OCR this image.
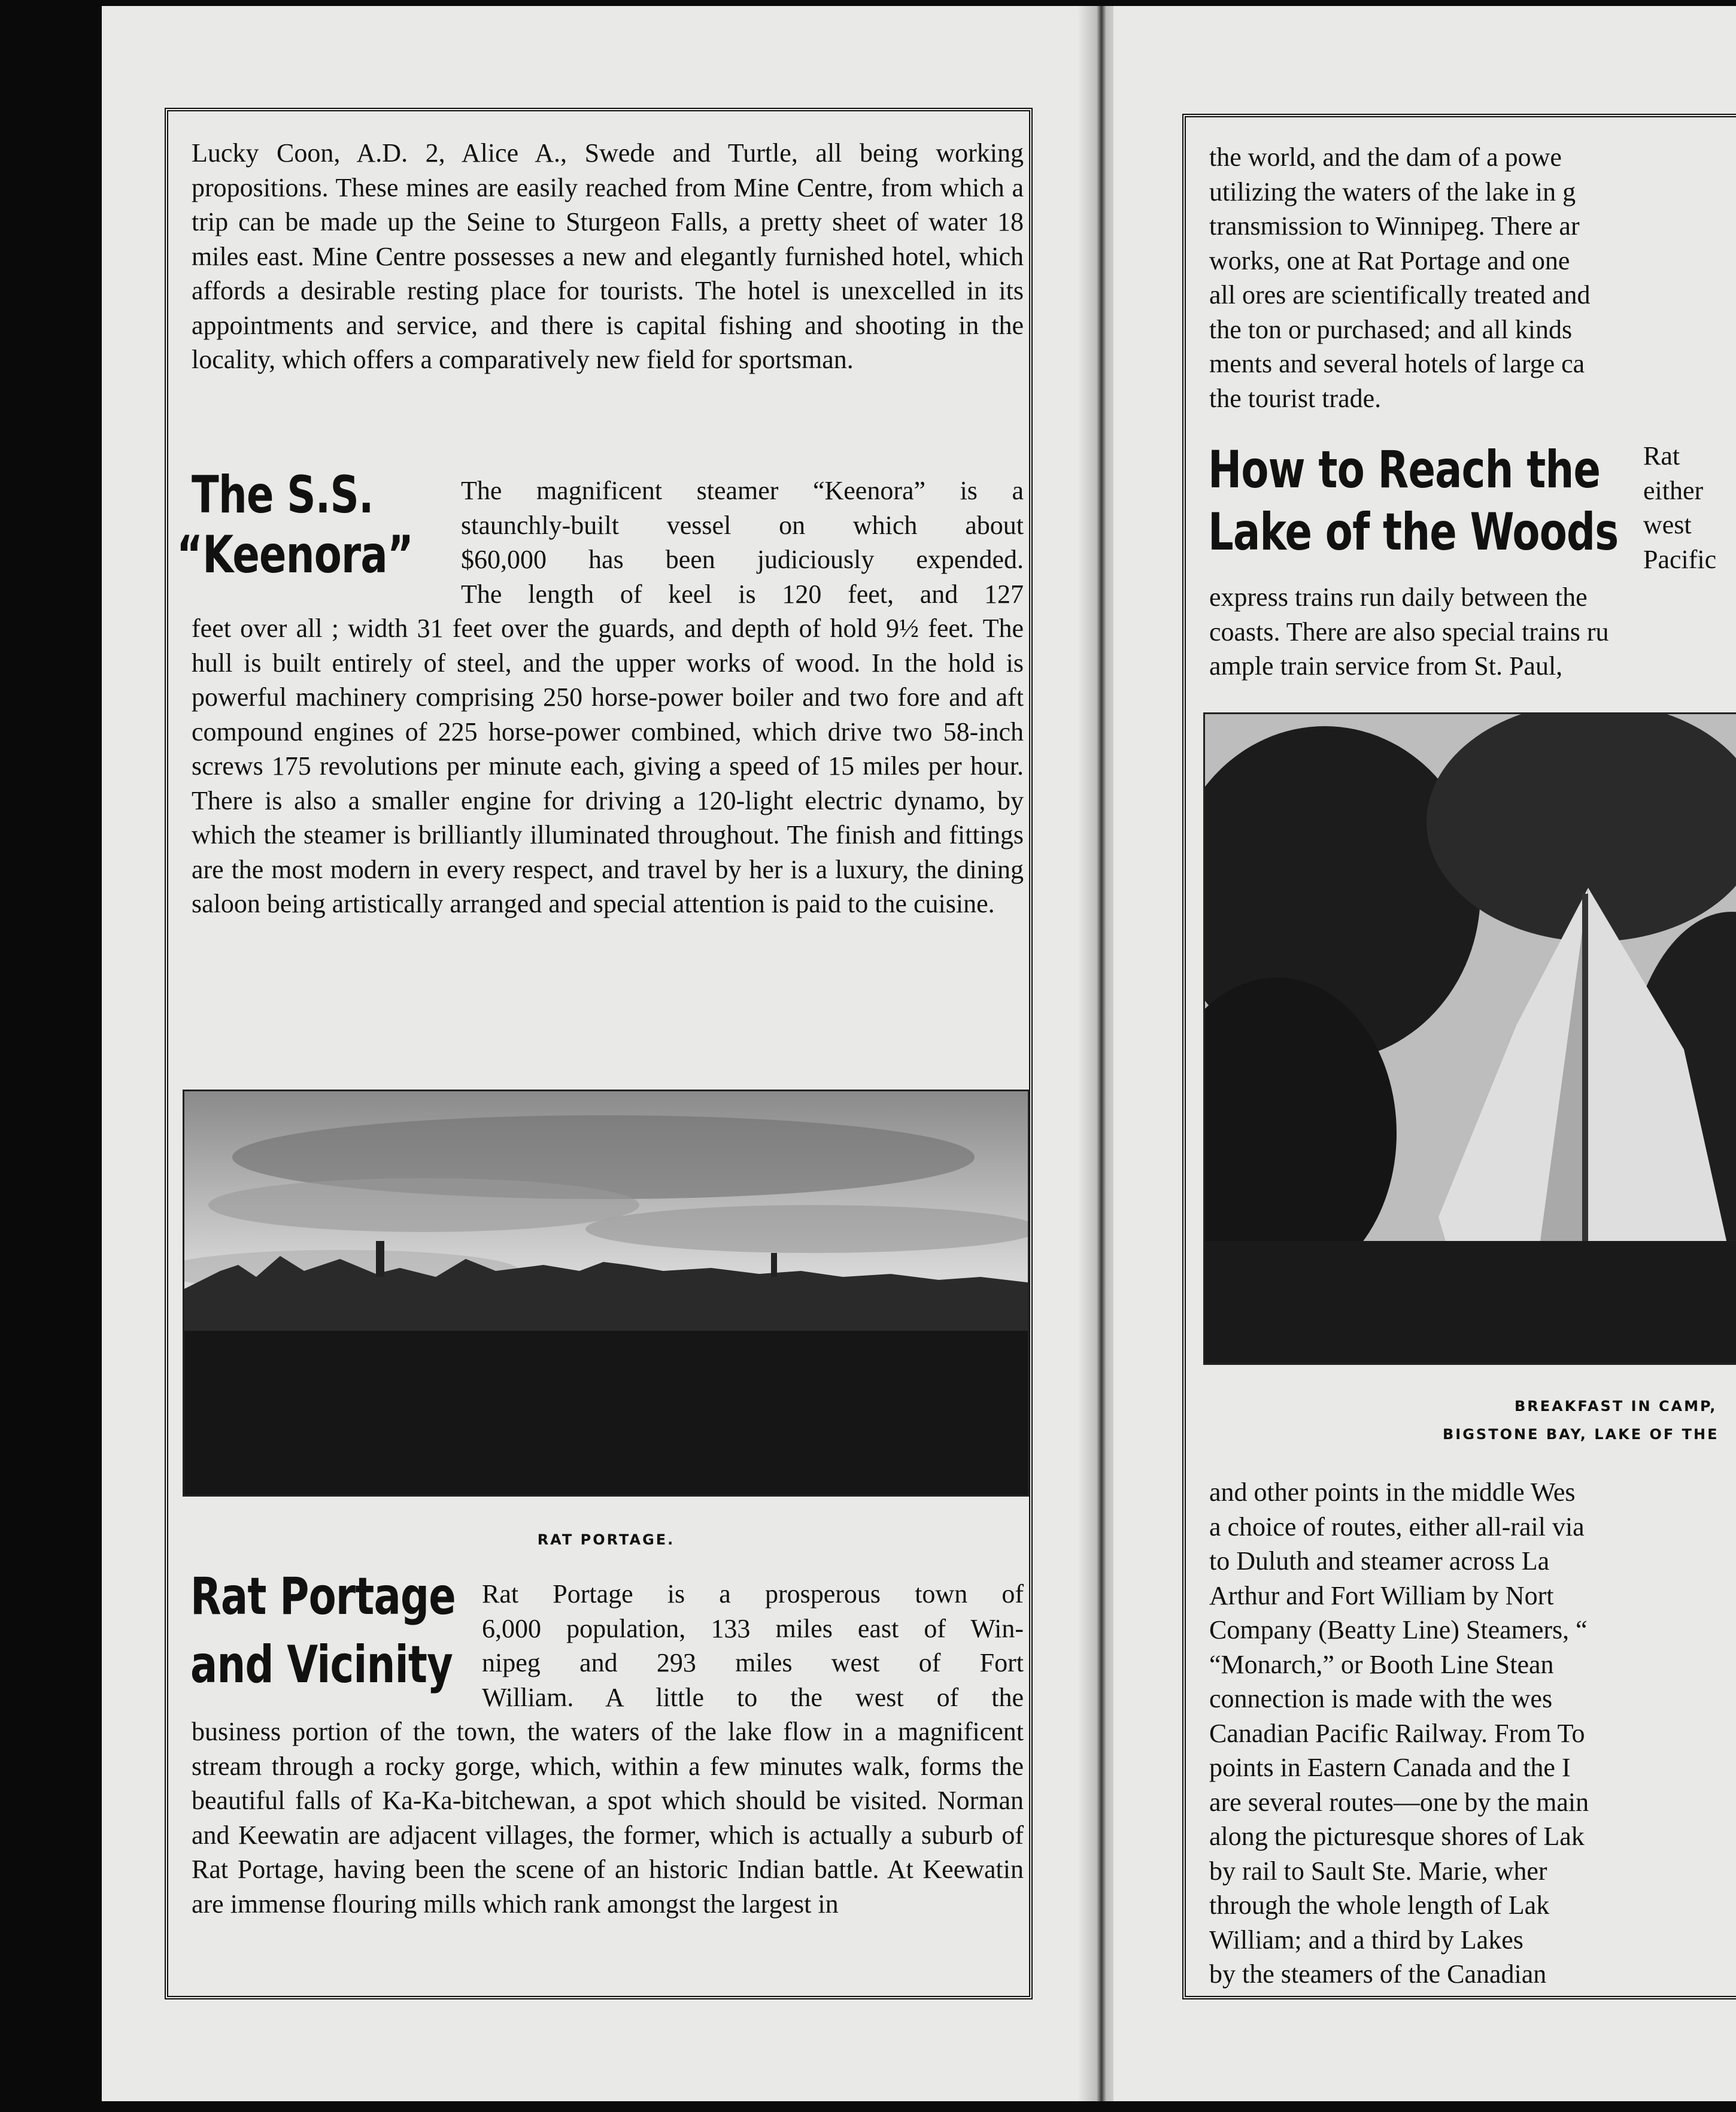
Lucky Coon, A.D. 2, Alice A., Swede and Turtle, all being working propositions. These mines are easily reached from Mine Centre, from which a trip can be made up the Seine to Sturgeon Falls, a pretty sheet of water 18 miles east. Mine Centre possesses a new and elegantly furnished hotel, which affords a desirable resting place for tourists. The hotel is unexcelled in its appointments and service, and there is capital fishing and shooting in the locality, which offers a comparatively new field for sportsman.

The S.S.
“Keenora”
The magnificent steamer “Keenora” is a
staunchly-built vessel on which about
$60,000 has been judiciously expended.
The length of keel is 120 feet, and 127

feet over all ; width 31 feet over the guards, and depth of hold 9½ feet. The hull is built entirely of steel, and the upper works of wood. In the hold is powerful machinery comprising 250 horse-power boiler and two fore and aft compound engines of 225 horse-power combined, which drive two 58-inch screws 175 revolutions per minute each, giving a speed of 15 miles per hour. There is also a smaller engine for driving a 120-light electric dynamo, by which the steamer is brilliantly illuminated throughout. The finish and fittings are the most modern in every respect, and travel by her is a luxury, the dining saloon being artistically arranged and special attention is paid to the cuisine.

RAT PORTAGE.
Rat Portage
and Vicinity
Rat Portage is a prosperous town of
6,000 population, 133 miles east of Win-
nipeg and 293 miles west of Fort
William. A little to the west of the

business portion of the town, the waters of the lake flow in a magnificent stream through a rocky gorge, which, within a few minutes walk, forms the beautiful falls of Ka-Ka-bitchewan, a spot which should be visited. Norman and Keewatin are adjacent villages, the former, which is actually a suburb of Rat Portage, having been the scene of an historic Indian battle. At Keewatin are immense flouring mills which rank amongst the largest in

the world, and the dam of a powe
utilizing the waters of the lake in g
transmission to Winnipeg. There ar
works, one at Rat Portage and one
all ores are scientifically treated and
the ton or purchased; and all kinds
ments and several hotels of large ca
the tourist trade.
How to Reach the
Lake of the Woods
Rat
either
west
Pacific
express trains run daily between the
coasts. There are also special trains ru
ample train service from St. Paul,
BREAKFAST IN CAMP,
BIGSTONE BAY, LAKE OF THE
and other points in the middle Wes
a choice of routes, either all-rail via
to Duluth and steamer across La
Arthur and Fort William by Nort
Company (Beatty Line) Steamers, “
“Monarch,” or Booth Line Stean
connection is made with the wes
Canadian Pacific Railway. From To
points in Eastern Canada and the I
are several routes—one by the main
along the picturesque shores of Lak
by rail to Sault Ste. Marie, wher
through the whole length of Lak
William; and a third by Lakes
by the steamers of the Canadian
